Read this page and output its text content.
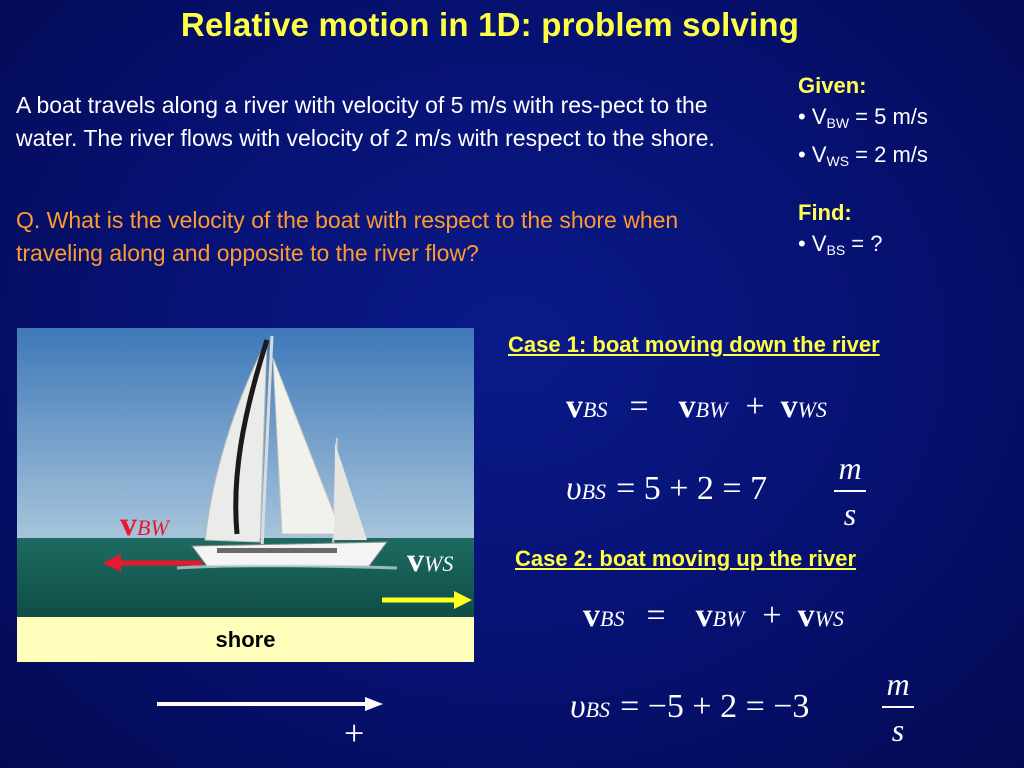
Relative motion in 1D: problem solving
A boat travels along a river with velocity of 5 m/s with res-pect to the water. The river flows with velocity of 2 m/s with respect to the shore.
Q. What is the velocity of the boat with respect to the shore when traveling along and opposite to the river flow?
Given:
• $V_{BW} = 5$ m/s
• $V_{WS} = 2$ m/s
Find:
• $V_{BS}$ = ?
vBW
vWS
shore
+
Case 1: boat moving down the river
vBS = vBW + vWS
υBS = 5 + 2 = 7
m
s
Case 2: boat moving up the river
vBS = vBW + vWS
υBS = −5 + 2 = −3
m
s
